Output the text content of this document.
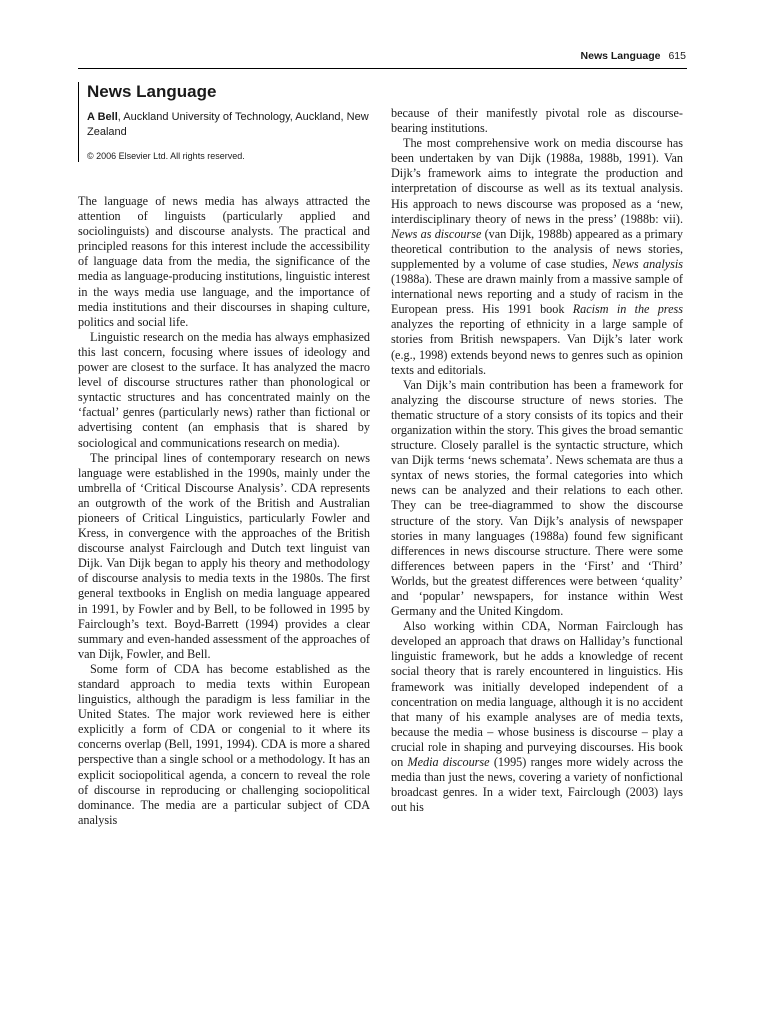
News Language 615
News Language

A Bell, Auckland University of Technology, Auckland, New Zealand

© 2006 Elsevier Ltd. All rights reserved.

The language of news media has always attracted the attention of linguists (particularly applied and sociolinguists) and discourse analysts. The practical and principled reasons for this interest include the accessibility of language data from the media, the significance of the media as language-producing institutions, linguistic interest in the ways media use language, and the importance of media institutions and their discourses in shaping culture, politics and social life.

Linguistic research on the media has always emphasized this last concern, focusing where issues of ideology and power are closest to the surface. It has analyzed the macro level of discourse structures rather than phonological or syntactic structures and has concentrated mainly on the ‘factual’ genres (particularly news) rather than fictional or advertising content (an emphasis that is shared by sociological and communications research on media).

The principal lines of contemporary research on news language were established in the 1990s, mainly under the umbrella of ‘Critical Discourse Analysis’. CDA represents an outgrowth of the work of the British and Australian pioneers of Critical Linguistics, particularly Fowler and Kress, in convergence with the approaches of the British discourse analyst Fairclough and Dutch text linguist van Dijk. Van Dijk began to apply his theory and methodology of discourse analysis to media texts in the 1980s. The first general textbooks in English on media language appeared in 1991, by Fowler and by Bell, to be followed in 1995 by Fairclough’s text. Boyd-Barrett (1994) provides a clear summary and even-handed assessment of the approaches of van Dijk, Fowler, and Bell.

Some form of CDA has become established as the standard approach to media texts within European linguistics, although the paradigm is less familiar in the United States. The major work reviewed here is either explicitly a form of CDA or congenial to it where its concerns overlap (Bell, 1991, 1994). CDA is more a shared perspective than a single school or a methodology. It has an explicit sociopolitical agenda, a concern to reveal the role of discourse in reproducing or challenging sociopolitical dominance. The media are a particular subject of CDA analysis

because of their manifestly pivotal role as discourse-bearing institutions.

The most comprehensive work on media discourse has been undertaken by van Dijk (1988a, 1988b, 1991). Van Dijk’s framework aims to integrate the production and interpretation of discourse as well as its textual analysis. His approach to news discourse was proposed as a ‘new, interdisciplinary theory of news in the press’ (1988b: vii). News as discourse (van Dijk, 1988b) appeared as a primary theoretical contribution to the analysis of news stories, supplemented by a volume of case studies, News analysis (1988a). These are drawn mainly from a massive sample of international news reporting and a study of racism in the European press. His 1991 book Racism in the press analyzes the reporting of ethnicity in a large sample of stories from British newspapers. Van Dijk’s later work (e.g., 1998) extends beyond news to genres such as opinion texts and editorials.

Van Dijk’s main contribution has been a framework for analyzing the discourse structure of news stories. The thematic structure of a story consists of its topics and their organization within the story. This gives the broad semantic structure. Closely parallel is the syntactic structure, which van Dijk terms ‘news schemata’. News schemata are thus a syntax of news stories, the formal categories into which news can be analyzed and their relations to each other. They can be tree-diagrammed to show the discourse structure of the story. Van Dijk’s analysis of newspaper stories in many languages (1988a) found few significant differences in news discourse structure. There were some differences between papers in the ‘First’ and ‘Third’ Worlds, but the greatest differences were between ‘quality’ and ‘popular’ newspapers, for instance within West Germany and the United Kingdom.

Also working within CDA, Norman Fairclough has developed an approach that draws on Halliday’s functional linguistic framework, but he adds a knowledge of recent social theory that is rarely encountered in linguistics. His framework was initially developed independent of a concentration on media language, although it is no accident that many of his example analyses are of media texts, because the media – whose business is discourse – play a crucial role in shaping and purveying discourses. His book on Media discourse (1995) ranges more widely across the media than just the news, covering a variety of nonfictional broadcast genres. In a wider text, Fairclough (2003) lays out his
